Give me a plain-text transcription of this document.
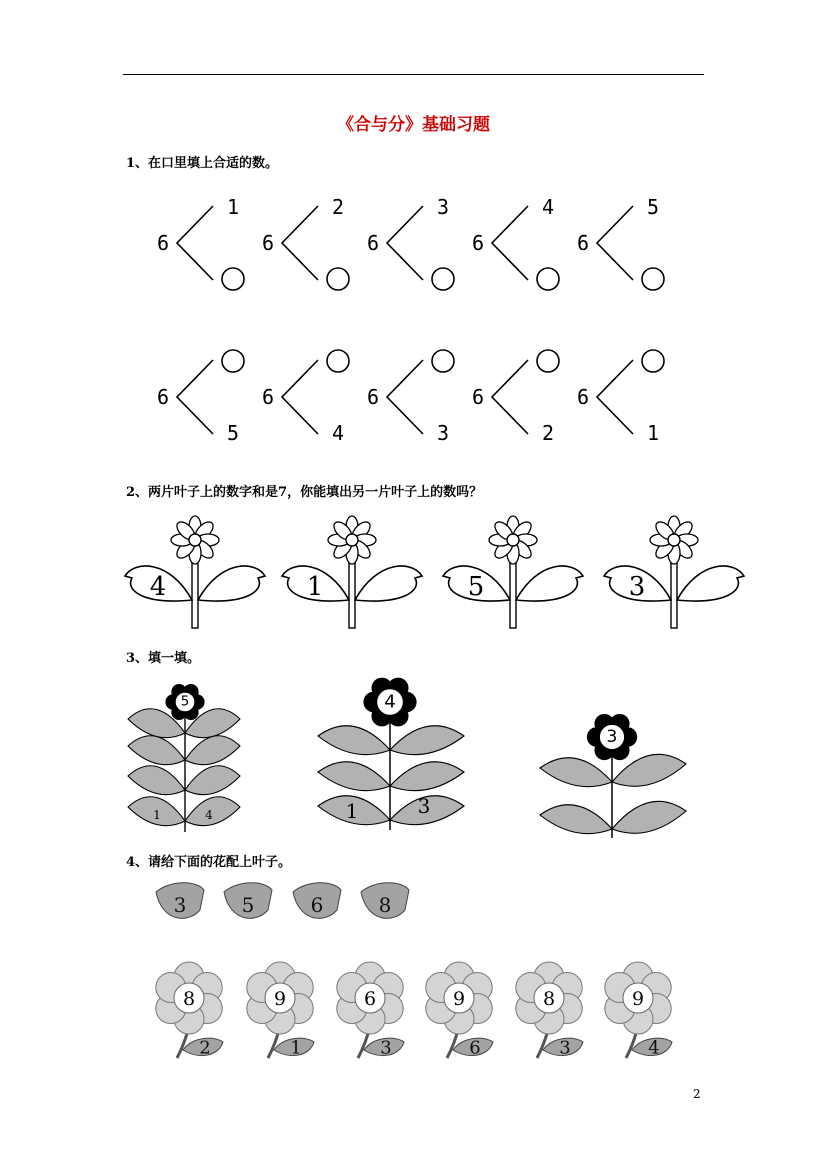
《合与分》基础习题
1、在口里填上合适的数。
2、两片叶子上的数字和是7，你能填出另一片叶子上的数吗？
3、填一填。
4、请给下面的花配上叶子。
6
1
6
2
6
3
6
4
6
5
6
5
6
4
6
3
6
2
6
1
4	1	5	3
5
1	4
4
1	3
3
3	5	6	8
2
8
1
9
3
6
6
9
3
8
4
9
2
